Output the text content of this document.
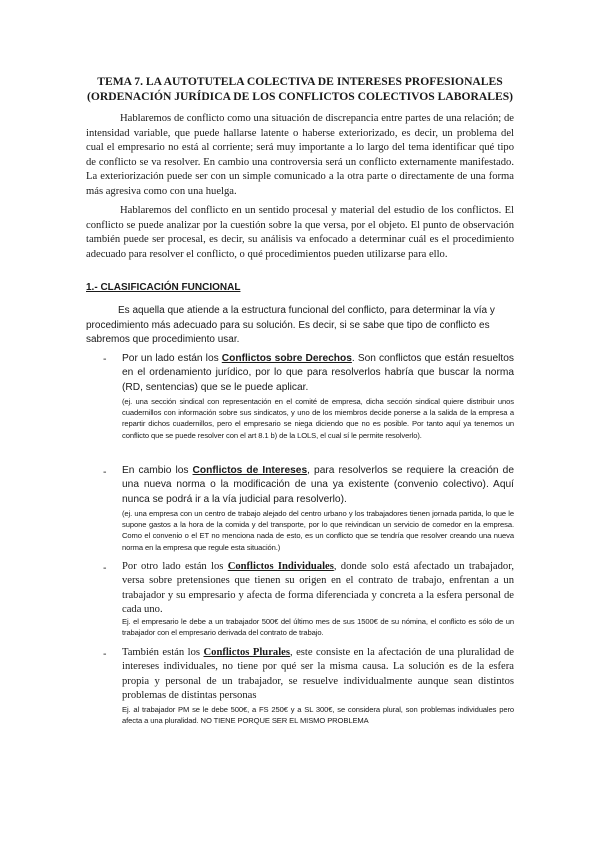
TEMA 7. LA AUTOTUTELA COLECTIVA DE INTERESES PROFESIONALES
(ORDENACIÓN JURÍDICA DE LOS CONFLICTOS COLECTIVOS LABORALES)

Hablaremos de conflicto como una situación de discrepancia entre partes de una relación; de intensidad variable, que puede hallarse latente o haberse exteriorizado, es decir, un problema del cual el empresario no está al corriente; será muy importante a lo largo del tema identificar qué tipo de conflicto se va resolver. En cambio una controversia será un conflicto externamente manifestado. La exteriorización puede ser con un simple comunicado a la otra parte o directamente de una forma más agresiva como con una huelga.

Hablaremos del conflicto en un sentido procesal y material del estudio de los conflictos. El conflicto se puede analizar por la cuestión sobre la que versa, por el objeto. El punto de observación también puede ser procesal, es decir, su análisis va enfocado a determinar cuál es el procedimiento adecuado para resolver el conflicto, o qué procedimientos pueden utilizarse para ello.

1.- CLASIFICACIÓN FUNCIONAL

Es aquella que atiende a la estructura funcional del conflicto, para determinar la vía y procedimiento más adecuado para su solución. Es decir, si se sabe que tipo de conflicto es sabremos que procedimiento usar.

- Por un lado están los Conflictos sobre Derechos. Son conflictos que están resueltos en el ordenamiento jurídico, por lo que para resolverlos habría que buscar la norma (RD, sentencias) que se le puede aplicar.

(ej. una sección sindical con representación en el comité de empresa, dicha sección sindical quiere distribuir unos cuadernillos con información sobre sus sindicatos, y uno de los miembros decide ponerse a la salida de la empresa a repartir dichos cuadernillos, pero el empresario se niega diciendo que no es posible. Por tanto aquí ya tenemos un conflicto que se puede resolver con el art 8.1 b) de la LOLS, el cual sí le permite resolverlo).

- En cambio los Conflictos de Intereses, para resolverlos se requiere la creación de una nueva norma o la modificación de una ya existente (convenio colectivo). Aquí nunca se podrá ir a la vía judicial para resolverlo).

(ej. una empresa con un centro de trabajo alejado del centro urbano y los trabajadores tienen jornada partida, lo que le supone gastos a la hora de la comida y del transporte, por lo que reivindican un servicio de comedor en la empresa. Como el convenio o el ET no menciona nada de esto, es un conflicto que se tendría que resolver creando una nueva norma en la empresa que regule esta situación.)

- Por otro lado están los Conflictos Individuales, donde solo está afectado un trabajador, versa sobre pretensiones que tienen su origen en el contrato de trabajo, enfrentan a un trabajador y su empresario y afecta de forma diferenciada y concreta a la esfera personal de cada uno.

Ej. el empresario le debe a un trabajador 500€ del último mes de sus 1500€ de su nómina, el conflicto es sólo de un trabajador con el empresario derivada del contrato de trabajo.

- También están los Conflictos Plurales, este consiste en la afectación de una pluralidad de intereses individuales, no tiene por qué ser la misma causa. La solución es de la esfera propia y personal de un trabajador, se resuelve individualmente aunque sean distintos problemas de distintas personas

Ej. al trabajador PM se le debe 500€, a FS 250€ y a SL 300€, se considera plural, son problemas individuales pero afecta a una pluralidad. NO TIENE PORQUE SER EL MISMO PROBLEMA
